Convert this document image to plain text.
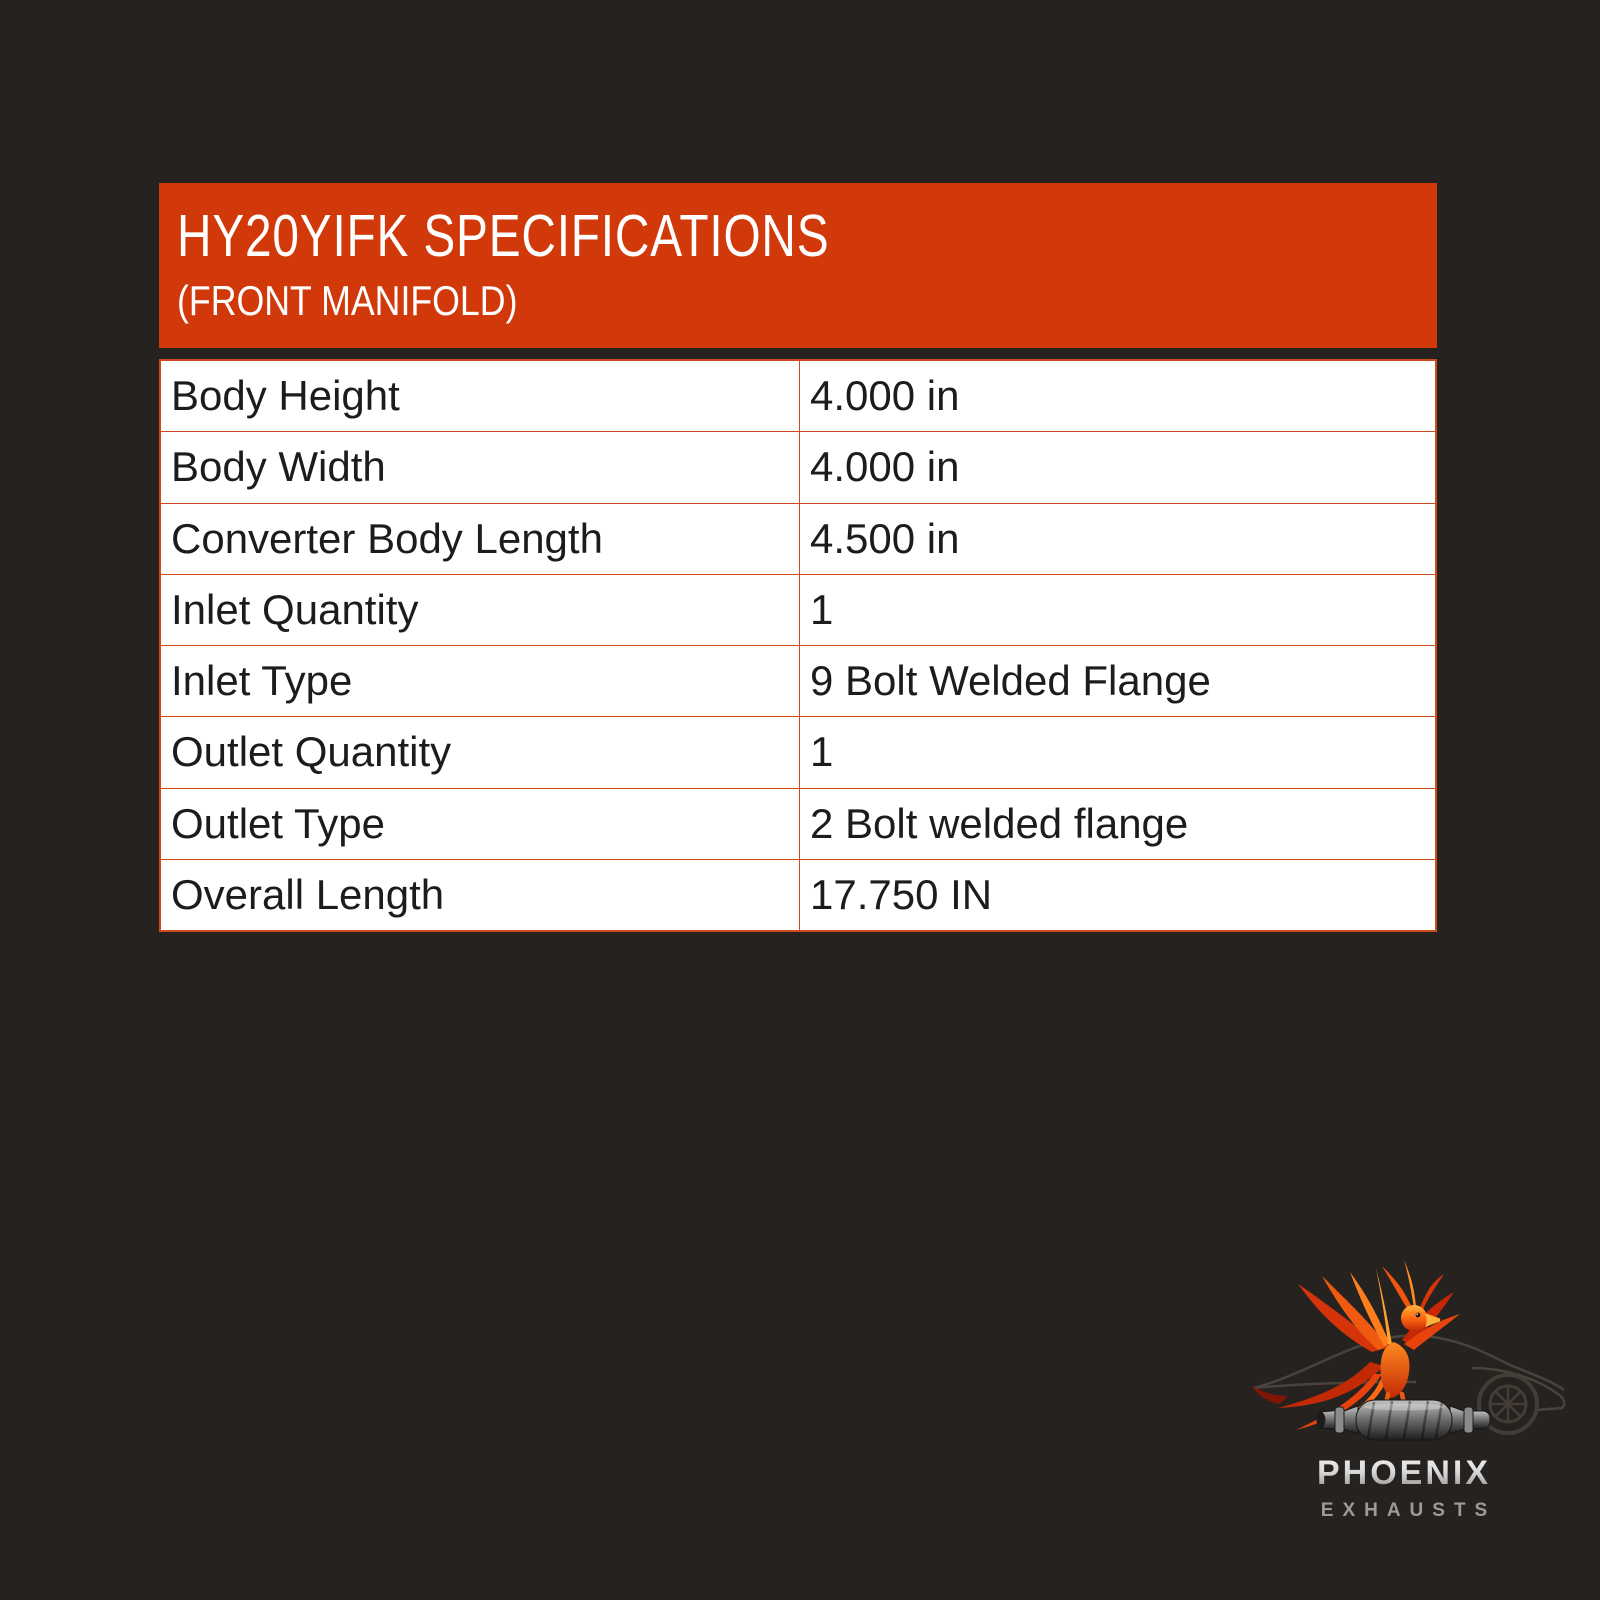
HY20YIFK SPECIFICATIONS
(FRONT MANIFOLD)
Body Height	4.000 in
Body Width	4.000 in
Converter Body Length	4.500 in
Inlet Quantity	1
Inlet Type	9 Bolt Welded Flange
Outlet Quantity	1
Outlet Type	2 Bolt welded flange
Overall Length	17.750 IN
PHOENIX
EXHAUSTS
